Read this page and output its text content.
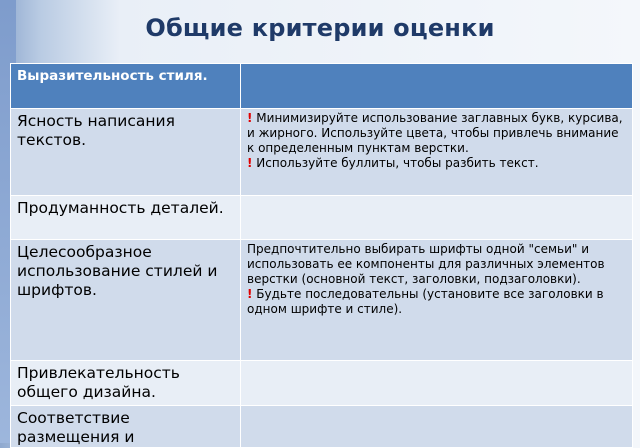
Общие критерии оценки
Выразительность стиля.	

Ясность написания текстов.	! Минимизируйте использование заглавных букв, курсива, и жирного. Используйте цвета, чтобы привлечь внимание к определенным пунктам верстки.

! Используйте буллиты, чтобы разбить текст.

Продуманность деталей.	

Целесообразное использование стилей и шрифтов.	Предпочтительно выбирать шрифты одной "семьи" и использовать ее компоненты для различных элементов верстки (основной текст, заголовки, подзаголовки).

! Будьте последовательны (установите все заголовки в одном шрифте и стиле).

Привлекательность общего дизайна.	

Соответствие размещения и	
